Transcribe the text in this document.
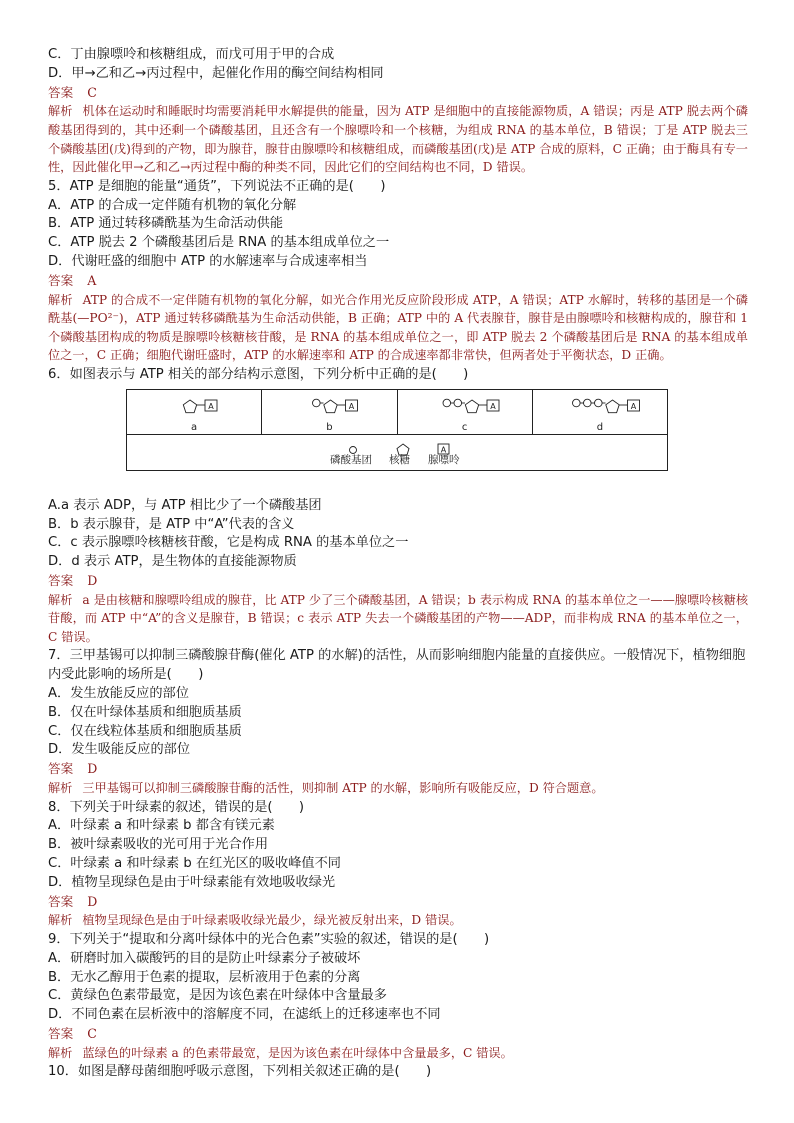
C．丁由腺嘌呤和核糖组成，而戊可用于甲的合成
D．甲→乙和乙→丙过程中，起催化作用的酶空间结构相同
答案 C
解析 机体在运动时和睡眠时均需要消耗甲水解提供的能量，因为 ATP 是细胞中的直接能源物质，A 错误；丙是 ATP 脱去两个磷酸基团得到的，其中还剩一个磷酸基团，且还含有一个腺嘌呤和一个核糖，为组成 RNA 的基本单位，B 错误；丁是 ATP 脱去三个磷酸基团(戊)得到的产物，即为腺苷，腺苷由腺嘌呤和核糖组成，而磷酸基团(戊)是 ATP 合成的原料，C 正确；由于酶具有专一性，因此催化甲→乙和乙→丙过程中酶的种类不同，因此它们的空间结构也不同，D 错误。
5．ATP 是细胞的能量“通货”，下列说法不正确的是(　　)
A．ATP 的合成一定伴随有机物的氧化分解
B．ATP 通过转移磷酰基为生命活动供能
C．ATP 脱去 2 个磷酸基团后是 RNA 的基本组成单位之一
D．代谢旺盛的细胞中 ATP 的水解速率与合成速率相当
答案 A
解析 ATP 的合成不一定伴随有机物的氧化分解，如光合作用光反应阶段形成 ATP，A 错误；ATP 水解时，转移的基团是一个磷酰基(—PO²⁻)，ATP 通过转移磷酰基为生命活动供能，B 正确；ATP 中的 A 代表腺苷，腺苷是由腺嘌呤和核糖构成的，腺苷和 1 个磷酸基团构成的物质是腺嘌呤核糖核苷酸，是 RNA 的基本组成单位之一，即 ATP 脱去 2 个磷酸基团后是 RNA 的基本组成单位之一，C 正确；细胞代谢旺盛时，ATP 的水解速率和 ATP 的合成速率都非常快，但两者处于平衡状态，D 正确。
6．如图表示与 ATP 相关的部分结构示意图，下列分析中正确的是(　　)
a
A
b
A
c
A
d
A
A
磷酸基团 核糖 腺嘌呤
A.a 表示 ADP，与 ATP 相比少了一个磷酸基团
B．b 表示腺苷，是 ATP 中“A”代表的含义
C．c 表示腺嘌呤核糖核苷酸，它是构成 RNA 的基本单位之一
D．d 表示 ATP，是生物体的直接能源物质
答案 D
解析 a 是由核糖和腺嘌呤组成的腺苷，比 ATP 少了三个磷酸基团，A 错误；b 表示构成 RNA 的基本单位之一——腺嘌呤核糖核苷酸，而 ATP 中“A”的含义是腺苷，B 错误；c 表示 ATP 失去一个磷酸基团的产物——ADP，而非构成 RNA 的基本单位之一，C 错误。
7．三甲基锡可以抑制三磷酸腺苷酶(催化 ATP 的水解)的活性，从而影响细胞内能量的直接供应。一般情况下，植物细胞内受此影响的场所是(　　)
A．发生放能反应的部位
B．仅在叶绿体基质和细胞质基质
C．仅在线粒体基质和细胞质基质
D．发生吸能反应的部位
答案 D
解析 三甲基锡可以抑制三磷酸腺苷酶的活性，则抑制 ATP 的水解，影响所有吸能反应，D 符合题意。
8．下列关于叶绿素的叙述，错误的是(　　)
A．叶绿素 a 和叶绿素 b 都含有镁元素
B．被叶绿素吸收的光可用于光合作用
C．叶绿素 a 和叶绿素 b 在红光区的吸收峰值不同
D．植物呈现绿色是由于叶绿素能有效地吸收绿光
答案 D
解析 植物呈现绿色是由于叶绿素吸收绿光最少，绿光被反射出来，D 错误。
9．下列关于“提取和分离叶绿体中的光合色素”实验的叙述，错误的是(　　)
A．研磨时加入碳酸钙的目的是防止叶绿素分子被破坏
B．无水乙醇用于色素的提取，层析液用于色素的分离
C．黄绿色色素带最宽，是因为该色素在叶绿体中含量最多
D．不同色素在层析液中的溶解度不同，在滤纸上的迁移速率也不同
答案 C
解析 蓝绿色的叶绿素 a 的色素带最宽，是因为该色素在叶绿体中含量最多，C 错误。
10．如图是酵母菌细胞呼吸示意图，下列相关叙述正确的是(　　)
